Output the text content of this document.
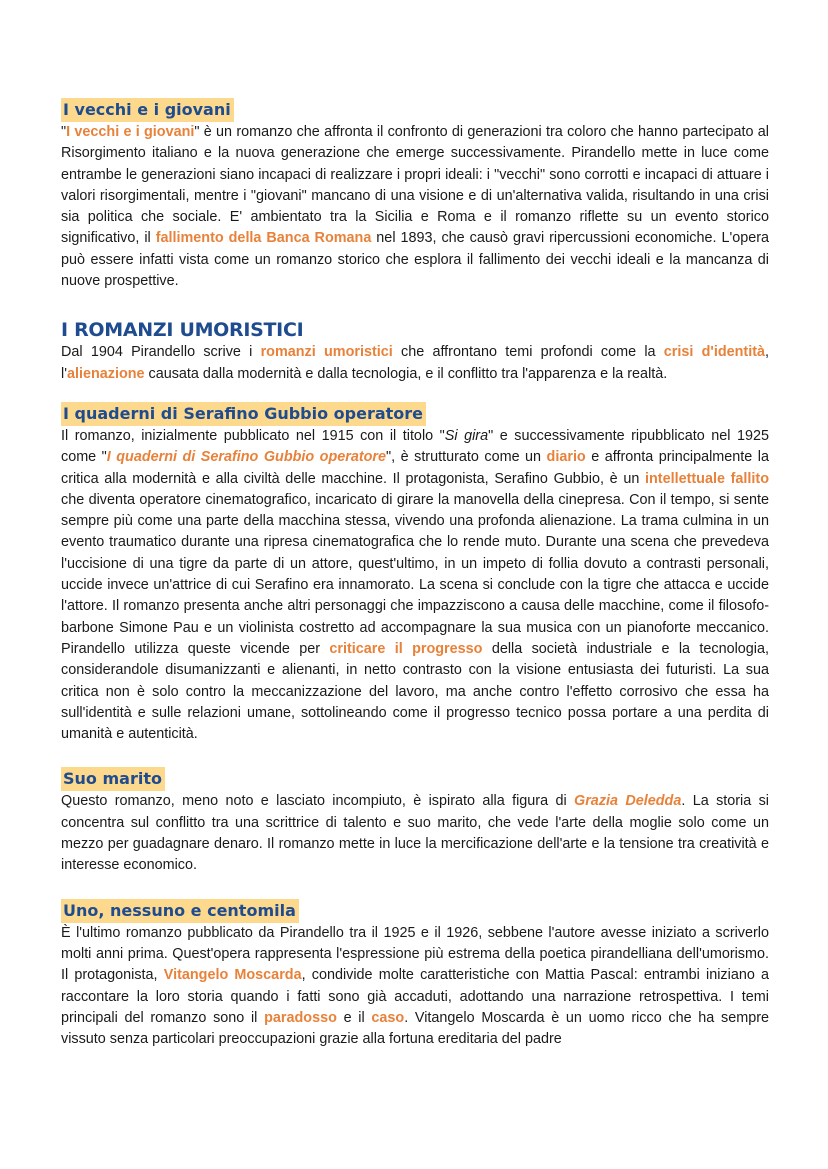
I vecchi e i giovani

"I vecchi e i giovani" è un romanzo che affronta il confronto di generazioni tra coloro che hanno partecipato al Risorgimento italiano e la nuova generazione che emerge successivamente. Pirandello mette in luce come entrambe le generazioni siano incapaci di realizzare i propri ideali: i "vecchi" sono corrotti e incapaci di attuare i valori risorgimentali, mentre i "giovani" mancano di una visione e di un'alternativa valida, risultando in una crisi sia politica che sociale. E' ambientato tra la Sicilia e Roma e il romanzo riflette su un evento storico significativo, il fallimento della Banca Romana nel 1893, che causò gravi ripercussioni economiche. L'opera può essere infatti vista come un romanzo storico che esplora il fallimento dei vecchi ideali e la mancanza di nuove prospettive.

I ROMANZI UMORISTICI

Dal 1904 Pirandello scrive i romanzi umoristici che affrontano temi profondi come la crisi d'identità, l'alienazione causata dalla modernità e dalla tecnologia, e il conflitto tra l'apparenza e la realtà.

I quaderni di Serafino Gubbio operatore

Il romanzo, inizialmente pubblicato nel 1915 con il titolo "Si gira" e successivamente ripubblicato nel 1925 come "I quaderni di Serafino Gubbio operatore", è strutturato come un diario e affronta principalmente la critica alla modernità e alla civiltà delle macchine. Il protagonista, Serafino Gubbio, è un intellettuale fallito che diventa operatore cinematografico, incaricato di girare la manovella della cinepresa. Con il tempo, si sente sempre più come una parte della macchina stessa, vivendo una profonda alienazione. La trama culmina in un evento traumatico durante una ripresa cinematografica che lo rende muto. Durante una scena che prevedeva l'uccisione di una tigre da parte di un attore, quest'ultimo, in un impeto di follia dovuto a contrasti personali, uccide invece un'attrice di cui Serafino era innamorato. La scena si conclude con la tigre che attacca e uccide l'attore. Il romanzo presenta anche altri personaggi che impazziscono a causa delle macchine, come il filosofo-barbone Simone Pau e un violinista costretto ad accompagnare la sua musica con un pianoforte meccanico. Pirandello utilizza queste vicende per criticare il progresso della società industriale e la tecnologia, considerandole disumanizzanti e alienanti, in netto contrasto con la visione entusiasta dei futuristi. La sua critica non è solo contro la meccanizzazione del lavoro, ma anche contro l'effetto corrosivo che essa ha sull'identità e sulle relazioni umane, sottolineando come il progresso tecnico possa portare a una perdita di umanità e autenticità.

Suo marito

Questo romanzo, meno noto e lasciato incompiuto, è ispirato alla figura di Grazia Deledda. La storia si concentra sul conflitto tra una scrittrice di talento e suo marito, che vede l'arte della moglie solo come un mezzo per guadagnare denaro. Il romanzo mette in luce la mercificazione dell'arte e la tensione tra creatività e interesse economico.

Uno, nessuno e centomila

È l'ultimo romanzo pubblicato da Pirandello tra il 1925 e il 1926, sebbene l'autore avesse iniziato a scriverlo molti anni prima. Quest'opera rappresenta l'espressione più estrema della poetica pirandelliana dell'umorismo. Il protagonista, Vitangelo Moscarda, condivide molte caratteristiche con Mattia Pascal: entrambi iniziano a raccontare la loro storia quando i fatti sono già accaduti, adottando una narrazione retrospettiva. I temi principali del romanzo sono il paradosso e il caso. Vitangelo Moscarda è un uomo ricco che ha sempre vissuto senza particolari preoccupazioni grazie alla fortuna ereditaria del padre
